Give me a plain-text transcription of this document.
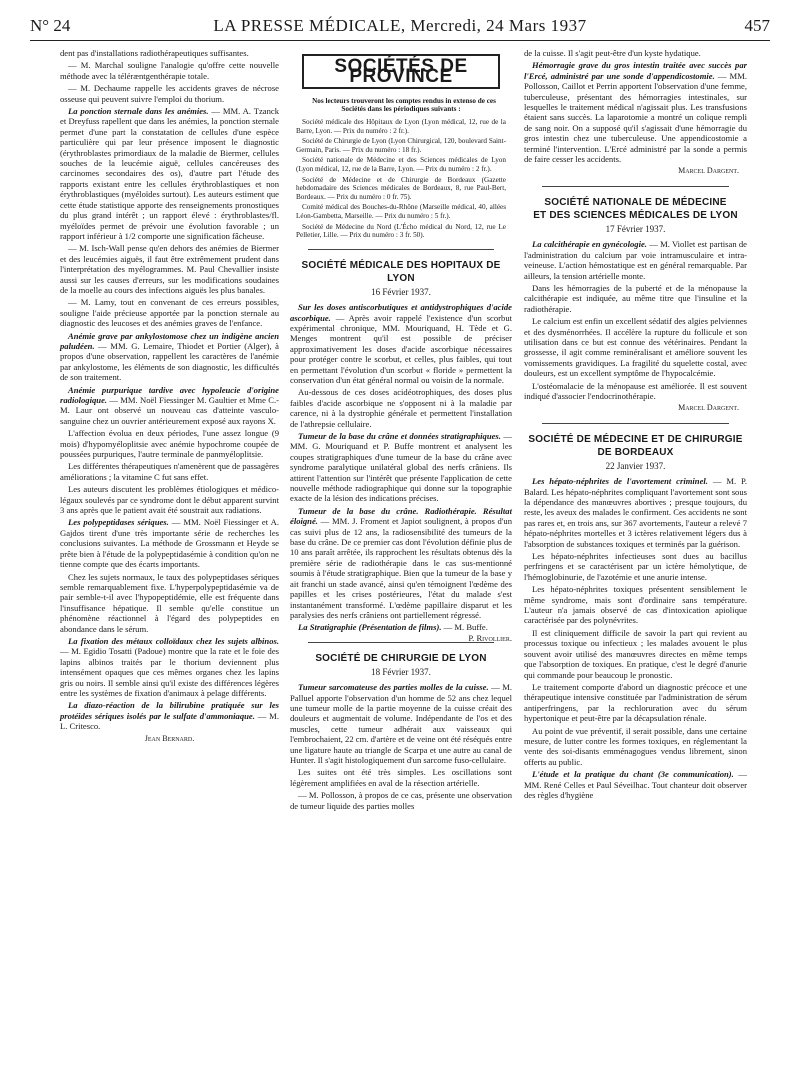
N° 24	LA PRESSE MÉDICALE, Mercredi, 24 Mars 1937	457

dent pas d'installations radiothérapeutiques suffisantes.

— M. Marchal souligne l'analogie qu'offre cette nouvelle méthode avec la téléræntgenthérapie totale.

— M. Dechaume rappelle les accidents graves de nécrose osseuse qui peuvent suivre l'emploi du thorium.

La ponction sternale dans les anémies. — MM. A. Tzanck et Dreyfuss rapellent que dans les anémies, la ponction sternale permet d'une part la constatation de cellules d'une espèce particulière qui par leur présence imposent le diagnostic (érythroblastes primordiaux de la maladie de Biermer, cellules souches de la leucémie aiguë, cellules cancéreuses des carcinomes secondaires des os), d'autre part l'étude des rapports existant entre les cellules érythroblastiques et non érythroblastiques (myéloïdes surtout). Les auteurs estiment que cette étude statistique apporte des renseignements pronostiques du plus grand intérêt ; un rapport élevé : érythroblastes/fl. myéloïdes permet de prévoir une évolution favorable ; un rapport inférieur à 1/2 comporte une signification fâcheuse.

— M. Isch-Wall pense qu'en dehors des anémies de Biermer et des leucémies aiguës, il faut être extrêmement prudent dans l'interprétation des myélogrammes. M. Paul Chevallier insiste aussi sur les causes d'erreurs, sur les modifications soudaines de la moelle au cours des infections aiguës les plus banales.

— M. Lamy, tout en convenant de ces erreurs possibles, souligne l'aide précieuse apportée par la ponction sternale au diagnostic des leucoses et des anémies graves de l'enfance.

Anémie grave par ankylostomose chez un indigène ancien paludéen. — MM. G. Lemaire, Thiodet et Portier (Alger), à propos d'une observation, rappellent les caractères de l'anémie par ankylostome, les éléments de son diagnostic, les difficultés de son traitement.

Anémie purpurique tardive avec hypoleucie d'origine radiologique. — MM. Noël Fiessinger M. Gaultier et Mme C.-M. Laur ont observé un nouveau cas d'atteinte vasculo-sanguine chez un ouvrier antérieurement exposé aux rayons X.

L'affection évolua en deux périodes, l'une assez longue (9 mois) d'hypomyéloplitsie avec anémie hypochrome coupée de poussées purpuriques, l'autre terminale de panmyéloplitsie.

Les différentes thérapeutiques n'amenèrent que de passagères améliorations ; la vitamine C fut sans effet.

Les auteurs discutent les problèmes étiologiques et médico-légaux soulevés par ce syndrome dont le début apparent survint 3 ans après que le patient avait été soustrait aux radiations.

Les polypeptidases sériques. — MM. Noël Fiessinger et A. Gajdos tirent d'une très importante série de recherches les conclusions suivantes. La méthode de Grossmann et Heyde se prête bien à l'étude de la polypeptidasémie à condition qu'on ne tienne compte que des écarts importants.

Chez les sujets normaux, le taux des polypeptidases sériques semble remarquablement fixe. L'hyperpolypeptidasémie va de pair semble-t-il avec l'hypopeptidémie, elle est fréquente dans l'insuffisance hépatique. Il semble qu'elle constitue un phénomène réactionnel à l'égard des polypeptides en abondance dans le sérum.

La fixation des métaux colloïdaux chez les sujets albinos. — M. Egidio Tosatti (Padoue) montre que la rate et le foie des lapins albinos traités par le thorium deviennent plus intensément opaques que ces mêmes organes chez les lapins gris ou noirs. Il semble ainsi qu'il existe des différences légères entre les systèmes de fixation d'animaux à pelage différents.

La diazo-réaction de la bilirubine pratiquée sur les protéides sériques isolés par le sulfate d'ammoniaque. — M. L. Critesco.

Jean Bernard.
SOCIÉTÉS DE PROVINCE

Nos lecteurs trouveront les comptes rendus in extenso de ces Sociétés dans les périodiques suivants :

Société médicale des Hôpitaux de Lyon (Lyon médical, 12, rue de la Barre, Lyon. — Prix du numéro : 2 fr.).

Société de Chirurgie de Lyon (Lyon Chirurgical, 120, boulevard Saint-Germain, Paris. — Prix du numéro : 18 fr.).

Société nationale de Médecine et des Sciences médicales de Lyon (Lyon médical, 12, rue de la Barre, Lyon. — Prix du numéro : 2 fr.).

Société de Médecine et de Chirurgie de Bordeaux (Gazette hebdomadaire des Sciences médicales de Bordeaux, 8, rue Paul-Bert, Bordeaux. — Prix du numéro : 0 fr. 75).

Comité médical des Bouches-du-Rhône (Marseille médical, 40, allées Léon-Gambetta, Marseille. — Prix du numéro : 5 fr.).

Société de Médecine du Nord (L'Écho médical du Nord, 12, rue Le Pelletier, Lille. — Prix du numéro : 3 fr. 50).

SOCIÉTÉ MÉDICALE DES HOPITAUX DE LYON
16 Février 1937.

Sur les doses antiscorbutiques et antidystrophiques d'acide ascorbique. — Après avoir rappelé l'existence d'un scorbut expérimental chronique, MM. Mouriquand, H. Tède et G. Menges montrent qu'il est possible de préciser approximativement les doses d'acide ascorbique nécessaires pour protéger contre le scorbut, et celles, plus faibles, qui tout en permettant l'évolution d'un scorbut « floride » permettent la conservation d'un état général normal ou voisin de la normale.

Au-dessous de ces doses acidéotrophiques, des doses plus faibles d'acide ascorbique ne s'opposent ni à la maladie par carence, ni à la dystrophie générale et permettent l'installation de l'athrepsie cellulaire.

Tumeur de la base du crâne et données stratigraphiques. — MM. G. Mouriquand et P. Buffe montrent et analysent les coupes stratigraphiques d'une tumeur de la base du crâne avec syndrome paralytique unilatéral global des nerfs crâniens. Ils attirent l'attention sur l'intérêt que présente l'application de cette nouvelle méthode radiographique qui donne sur la topographie exacte de la lésion des indications précises.

Tumeur de la base du crâne. Radiothérapie. Résultat éloigné. — MM. J. Froment et Japiot soulignent, à propos d'un cas suivi plus de 12 ans, la radiosensibilité des tumeurs de la base du crâne. De ce premier cas dont l'évolution définie plus de 10 ans paraît arrêtée, ils rapprochent les résultats obtenus dès la première série de radiothérapie dans le cas sus-mentionné soumis à l'étude stratigraphique. Bien que la tumeur de la base y ait franchi un stade avancé, ainsi qu'en témoignent l'œdème des papilles et les crises postérieures, l'état du malade s'est instantanément transformé. L'œdème papillaire disparut et les paralysies des nerfs crâniens ont partiellement régressé.

La Stratigraphie (Présentation de films). — M. Buffe.
P. Rivollier.

SOCIÉTÉ DE CHIRURGIE DE LYON
18 Février 1937.

Tumeur sarcomateuse des parties molles de la cuisse. — M. Palluel apporte l'observation d'un homme de 52 ans chez lequel une tumeur molle de la partie moyenne de la cuisse créait des douleurs et augmentait de volume. Indépendante de l'os et des muscles, cette tumeur adhérait aux vaisseaux qui l'embrochaient, 22 cm. d'artère et de veine ont été réséqués entre une ligature haute au triangle de Scarpa et une autre au canal de Hunter. Il s'agit histologiquement d'un sarcome fuso-cellulaire.

Les suites ont été très simples. Les oscillations sont légèrement amplifiées en aval de la résection artérielle.

— M. Pollosson, à propos de ce cas, présente une observation de tumeur liquide des parties molles

de la cuisse. Il s'agit peut-être d'un kyste hydatique.

Hémorragie grave du gros intestin traitée avec succès par l'Ercé, administré par une sonde d'appendicostomie. — MM. Pollosson, Caillot et Perrin apportent l'observation d'une femme, tuberculeuse, présentant des hémorragies intestinales, sur lesquelles le traitement médical n'agissait plus. Les transfusions étaient sans succès. La laparotomie a montré un colique rempli de sang noir. On a supposé qu'il s'agissait d'une hémorragie du gros intestin chez une tuberculeuse. Une appendicostomie a terminé l'intervention. L'Ercé administré par la sonde a permis de faire cesser les accidents.

Marcel Dargent.
SOCIÉTÉ NATIONALE DE MÉDECINE
ET DES SCIENCES MÉDICALES DE LYON
17 Février 1937.

La calcithérapie en gynécologie. — M. Viollet est partisan de l'administration du calcium par voie intramusculaire et intra-veineuse. L'action hémostatique est en général remarquable. Par ailleurs, la tension artérielle monte.

Dans les hémorragies de la puberté et de la ménopause la calcithérapie est indiquée, au même titre que l'insuline et la radiothérapie.

Le calcium est enfin un excellent sédatif des algies pelviennes et des dysménorrhées. Il accélère la rupture du follicule et son utilisation dans ce but est connue des vétérinaires. Pendant la grossesse, il agit comme reminéralisant et améliore souvent les vomissements gravidiques. La fragilité du squelette costal, avec douleurs, est un excellent symptôme de l'hypocalcémie.

L'ostéomalacie de la ménopause est améliorée. Il est souvent indiqué d'associer l'endocrinothérapie.

Marcel Dargent.
SOCIÉTÉ DE MÉDECINE ET DE CHIRURGIE
DE BORDEAUX
22 Janvier 1937.

Les hépato-néphrites de l'avortement criminel. — M. P. Balard. Les hépato-néphrites compliquant l'avortement sont sous la dépendance des manœuvres abortives ; presque toujours, du reste, les aveux des malades le confirment. Ces accidents ne sont pas rares et, en trois ans, sur 367 avortements, l'auteur a relevé 7 hépato-néphrites mortelles et 3 ictères relativement légers dus à l'absorption de substances toxiques et terminés par la guérison.

Les hépato-néphrites infectieuses sont dues au bacillus perfringens et se caractérisent par un ictère hémolytique, de l'hémoglobinurie, de l'azotémie et une anurie intense.

Les hépato-néphrites toxiques présentent sensiblement le même syndrome, mais sont d'ordinaire sans température. L'auteur n'a jamais observé de cas d'intoxication apiolique caractérisée par des polynévrites.

Il est cliniquement difficile de savoir la part qui revient au processus toxique ou infectieux ; les malades avouent le plus souvent avoir utilisé des manœuvres directes en même temps que l'absorption de toxiques. En pratique, c'est le degré d'anurie qui commande pour beaucoup le pronostic.

Le traitement comporte d'abord un diagnostic précoce et une thérapeutique intensive constituée par l'administration de sérum antiperfringens, par la rechloruration avec du sérum hypertonique et peut-être par la décapsulation rénale.

Au point de vue préventif, il serait possible, dans une certaine mesure, de lutter contre les formes toxiques, en réglementant la vente des soi-disants emménagogues vendus librement, sinon offerts au public.

L'étude et la pratique du chant (3e communication). — MM. René Celles et Paul Séveilhac. Tout chanteur doit observer des règles d'hygiène
